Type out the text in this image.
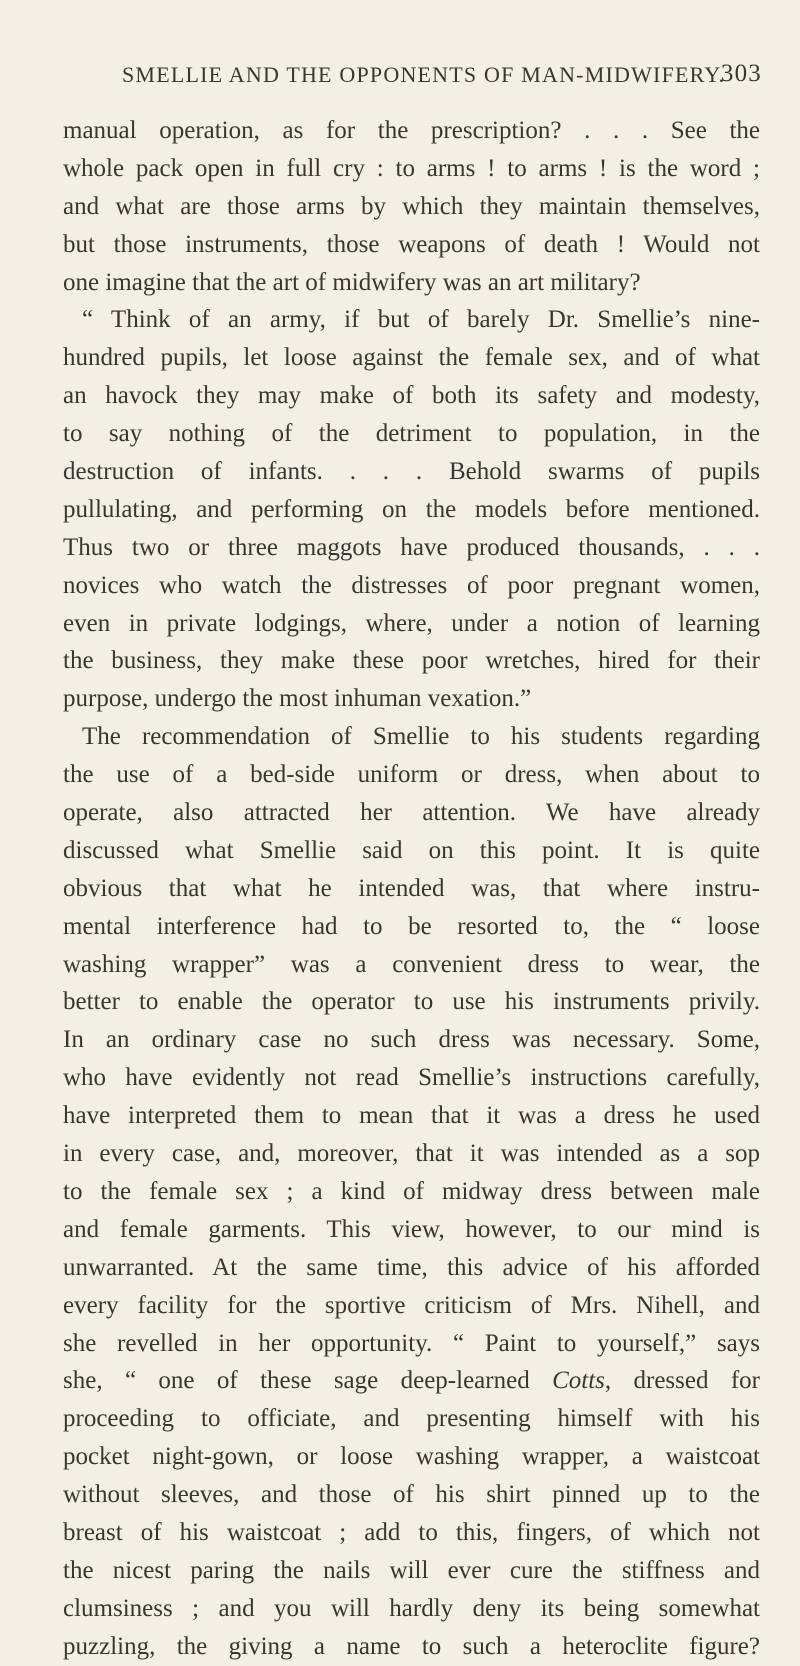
SMELLIE AND THE OPPONENTS OF MAN-MIDWIFERY.
303
manual operation, as for the prescription? . . . See the
whole pack open in full cry : to arms ! to arms ! is the word ;
and what are those arms by which they maintain themselves,
but those instruments, those weapons of death ! Would not
one imagine that the art of midwifery was an art military?
“ Think of an army, if but of barely Dr. Smellie’s nine-
hundred pupils, let loose against the female sex, and of what
an havock they may make of both its safety and modesty,
to say nothing of the detriment to population, in the
destruction of infants. . . . Behold swarms of pupils
pullulating, and performing on the models before mentioned.
Thus two or three maggots have produced thousands, . . .
novices who watch the distresses of poor pregnant women,
even in private lodgings, where, under a notion of learning
the business, they make these poor wretches, hired for their
purpose, undergo the most inhuman vexation.”
The recommendation of Smellie to his students regarding
the use of a bed-side uniform or dress, when about to
operate, also attracted her attention. We have already
discussed what Smellie said on this point. It is quite
obvious that what he intended was, that where instru-
mental interference had to be resorted to, the “ loose
washing wrapper” was a convenient dress to wear, the
better to enable the operator to use his instruments privily.
In an ordinary case no such dress was necessary. Some,
who have evidently not read Smellie’s instructions carefully,
have interpreted them to mean that it was a dress he used
in every case, and, moreover, that it was intended as a sop
to the female sex ; a kind of midway dress between male
and female garments. This view, however, to our mind is
unwarranted. At the same time, this advice of his afforded
every facility for the sportive criticism of Mrs. Nihell, and
she revelled in her opportunity. “ Paint to yourself,” says
she, “ one of these sage deep-learned Cotts, dressed for
proceeding to officiate, and presenting himself with his
pocket night-gown, or loose washing wrapper, a waistcoat
without sleeves, and those of his shirt pinned up to the
breast of his waistcoat ; add to this, fingers, of which not
the nicest paring the nails will ever cure the stiffness and
clumsiness ; and you will hardly deny its being somewhat
puzzling, the giving a name to such a heteroclite figure?
